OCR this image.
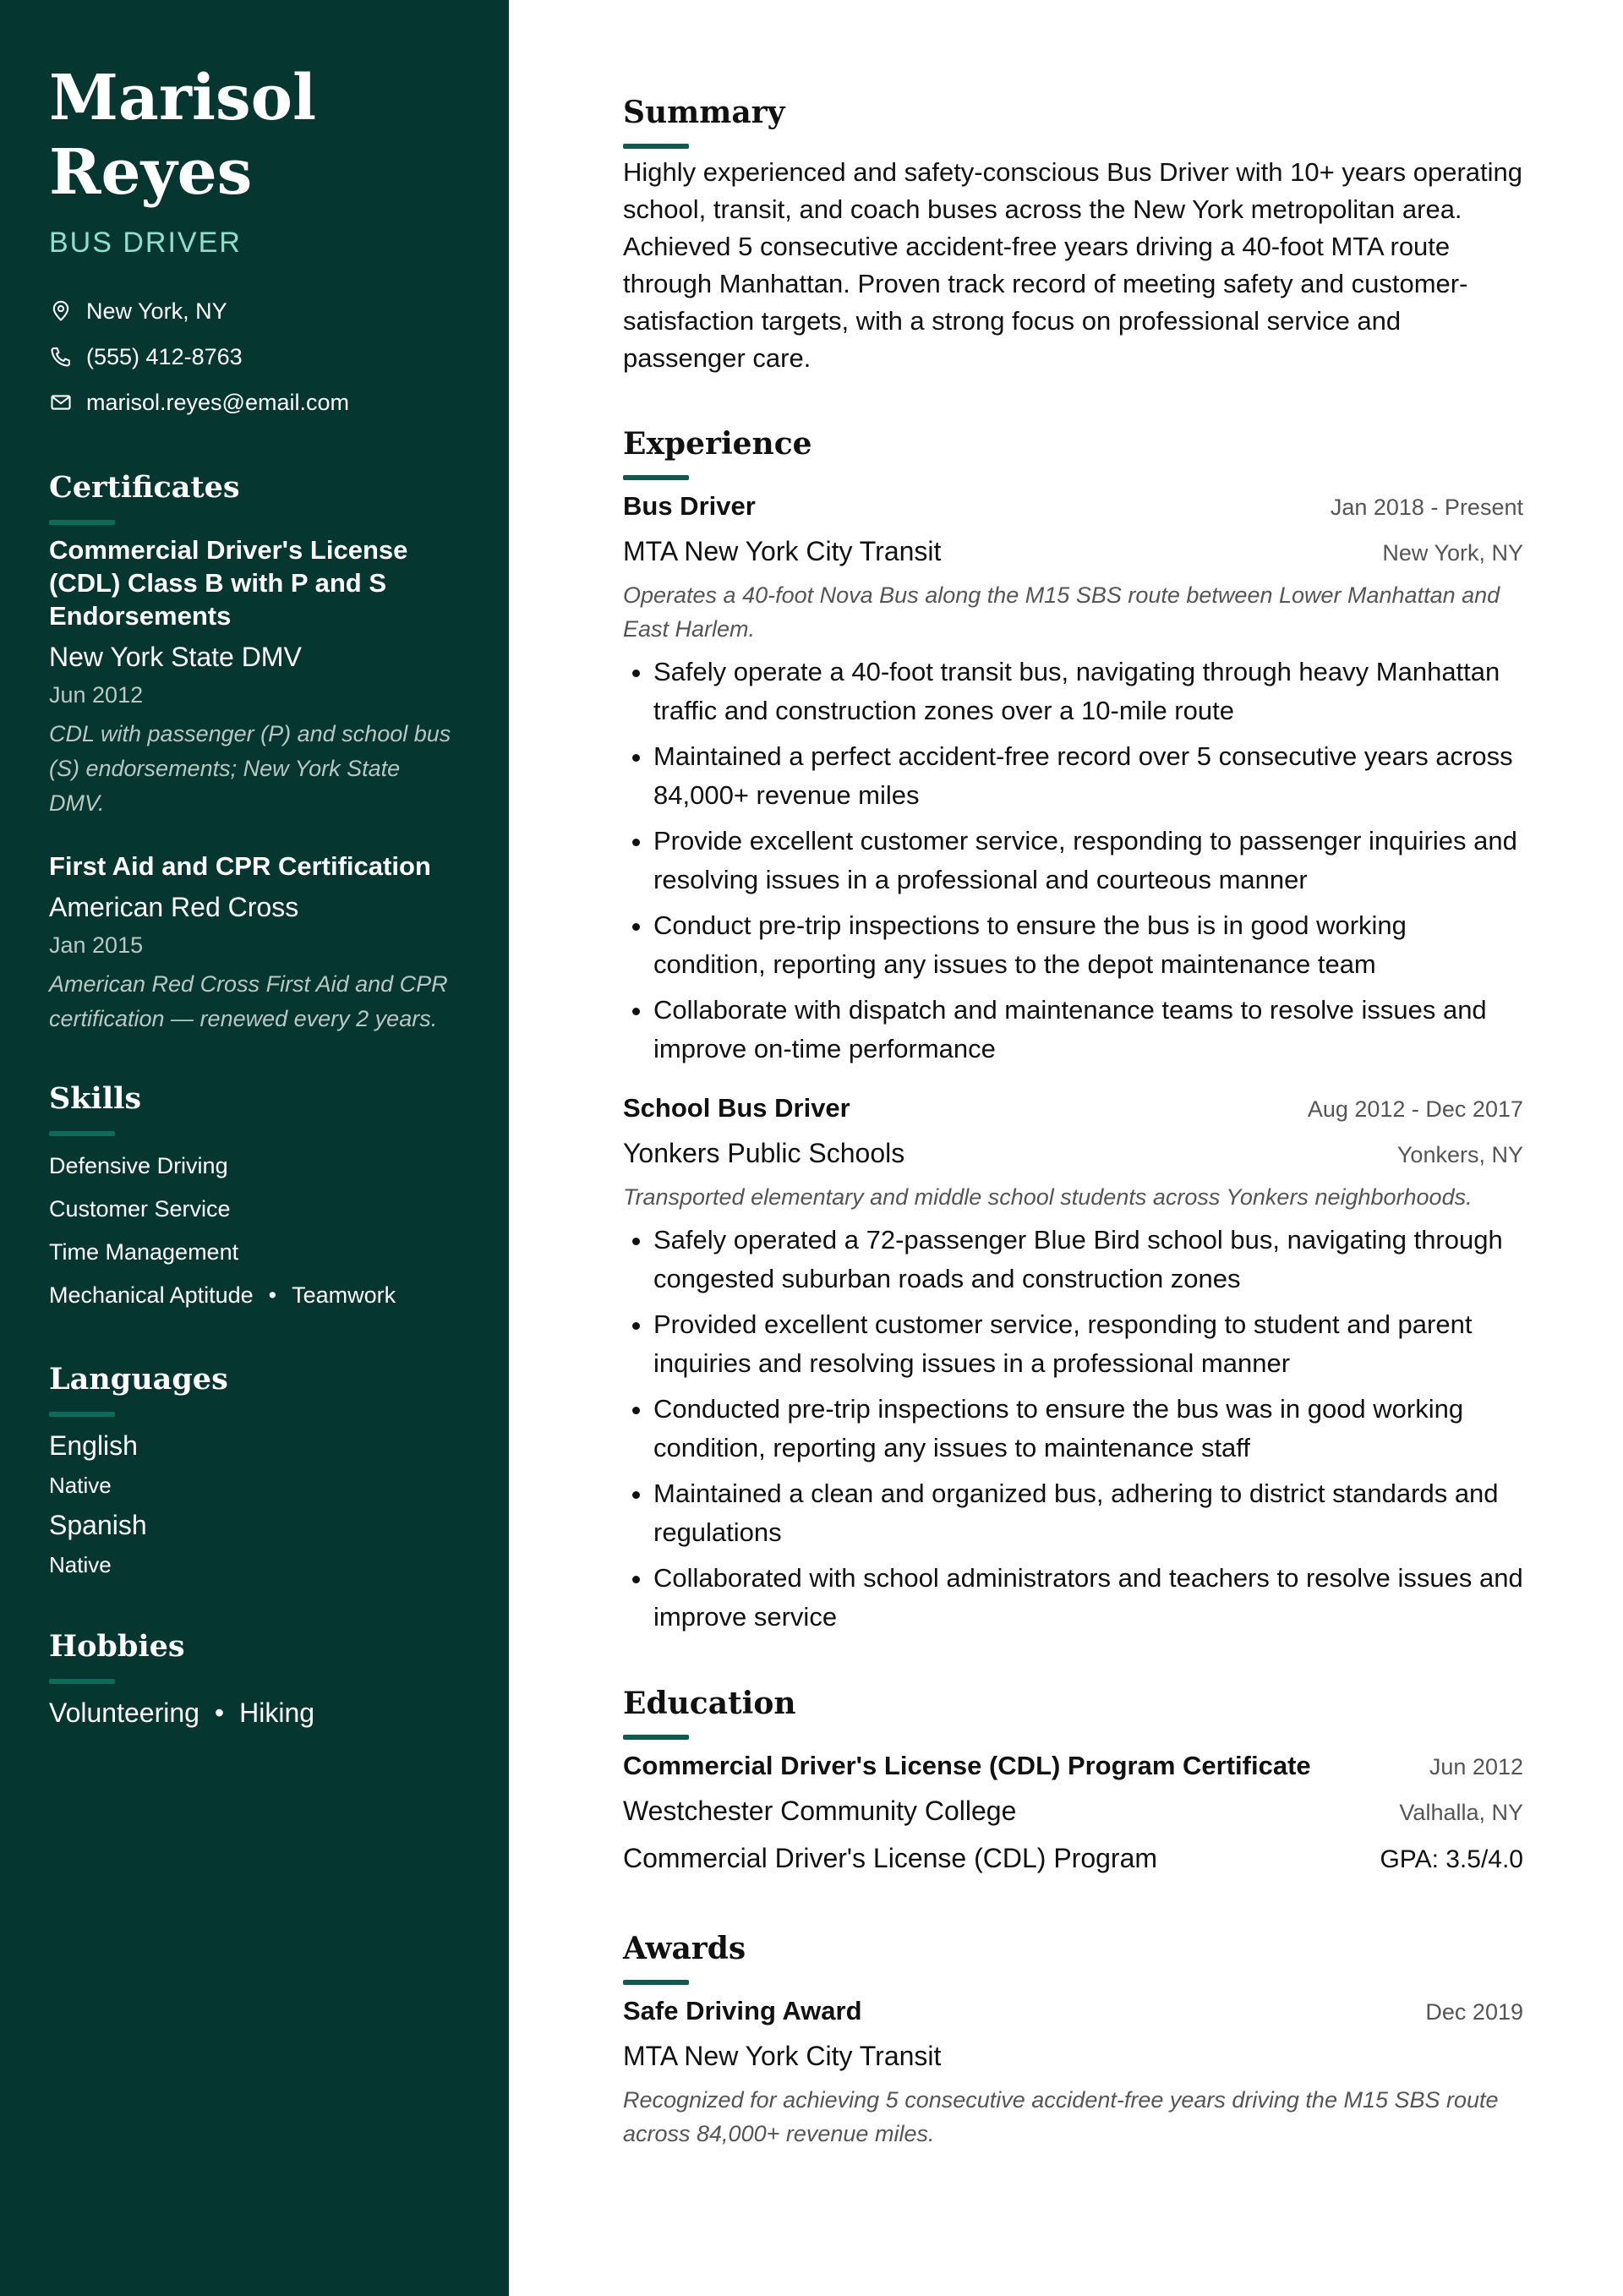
Marisol
Reyes
BUS DRIVER
New York, NY
(555) 412-8763
marisol.reyes@email.com
Certificates
Commercial Driver's License (CDL) Class B with P and S Endorsements
New York State DMV
Jun 2012
CDL with passenger (P) and school bus (S) endorsements; New York State DMV.
First Aid and CPR Certification
American Red Cross
Jan 2015
American Red Cross First Aid and CPR certification — renewed every 2 years.
Skills
Defensive Driving
Customer Service
Time Management
Mechanical Aptitude • Teamwork
Languages
English
Native
Spanish
Native
Hobbies
Volunteering • Hiking
Summary

Highly experienced and safety-conscious Bus Driver with 10+ years operating school, transit, and coach buses across the New York metropolitan area. Achieved 5 consecutive accident-free years driving a 40-foot MTA route through Manhattan. Proven track record of meeting safety and customer-satisfaction targets, with a strong focus on professional service and passenger care.

Experience
Bus Driver	Jan 2018 - Present
MTA New York City Transit	New York, NY
Operates a 40-foot Nova Bus along the M15 SBS route between Lower Manhattan and East Harlem.
• Safely operate a 40-foot transit bus, navigating through heavy Manhattan traffic and construction zones over a 10-mile route
• Maintained a perfect accident-free record over 5 consecutive years across 84,000+ revenue miles
• Provide excellent customer service, responding to passenger inquiries and resolving issues in a professional and courteous manner
• Conduct pre-trip inspections to ensure the bus is in good working condition, reporting any issues to the depot maintenance team
• Collaborate with dispatch and maintenance teams to resolve issues and improve on-time performance
School Bus Driver	Aug 2012 - Dec 2017
Yonkers Public Schools	Yonkers, NY
Transported elementary and middle school students across Yonkers neighborhoods.
• Safely operated a 72-passenger Blue Bird school bus, navigating through congested suburban roads and construction zones
• Provided excellent customer service, responding to student and parent inquiries and resolving issues in a professional manner
• Conducted pre-trip inspections to ensure the bus was in good working condition, reporting any issues to maintenance staff
• Maintained a clean and organized bus, adhering to district standards and regulations
• Collaborated with school administrators and teachers to resolve issues and improve service
Education
Commercial Driver's License (CDL) Program Certificate	Jun 2012
Westchester Community College	Valhalla, NY
Commercial Driver's License (CDL) Program	GPA: 3.5/4.0
Awards
Safe Driving Award	Dec 2019
MTA New York City Transit
Recognized for achieving 5 consecutive accident-free years driving the M15 SBS route across 84,000+ revenue miles.
